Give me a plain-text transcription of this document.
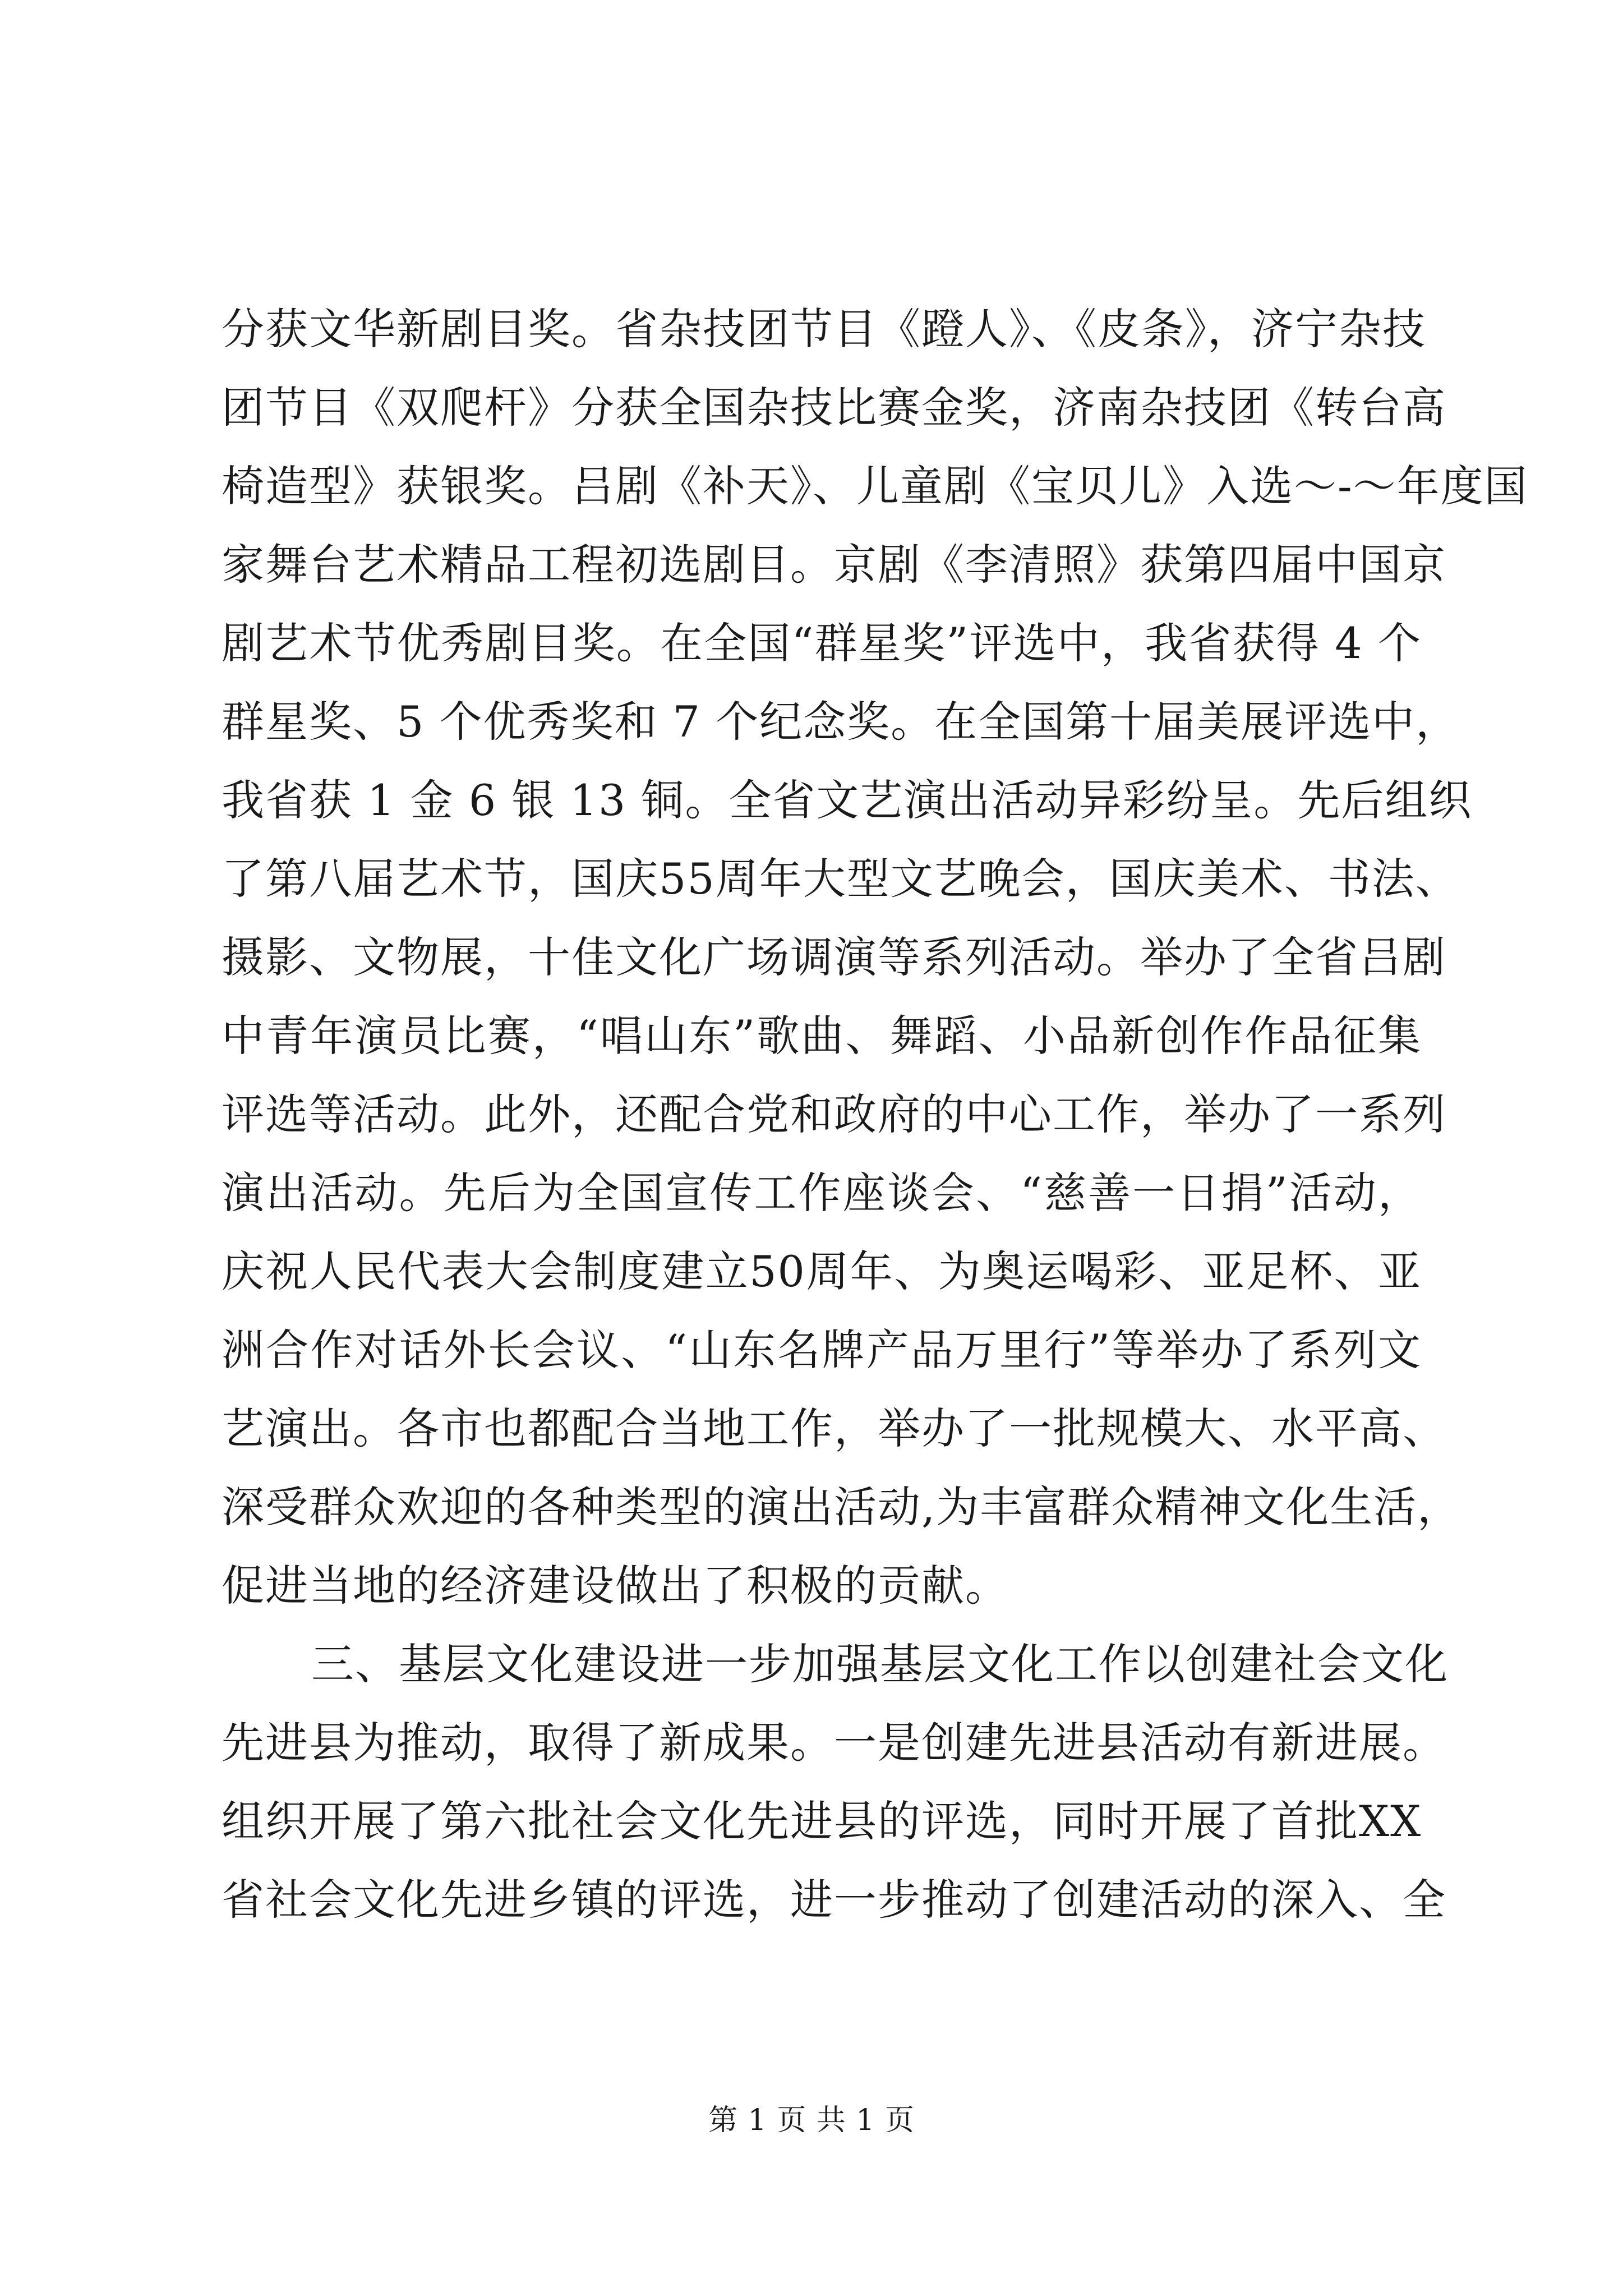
分获文华新剧目奖。省杂技团节目《蹬人》、《皮条》，济宁杂技
团节目《双爬杆》分获全国杂技比赛金奖，济南杂技团《转台高
椅造型》获银奖。吕剧《补天》、儿童剧《宝贝儿》入选～-～年度国
家舞台艺术精品工程初选剧目。京剧《李清照》获第四届中国京
剧艺术节优秀剧目奖。在全国“群星奖”评选中，我省获得 4 个
群星奖、5 个优秀奖和 7 个纪念奖。在全国第十届美展评选中，
我省获 1 金 6 银 13 铜。全省文艺演出活动异彩纷呈。先后组织
了第八届艺术节，国庆55周年大型文艺晚会，国庆美术、书法、
摄影、文物展，十佳文化广场调演等系列活动。举办了全省吕剧
中青年演员比赛，“唱山东”歌曲、舞蹈、小品新创作作品征集
评选等活动。此外，还配合党和政府的中心工作，举办了一系列
演出活动。先后为全国宣传工作座谈会、“慈善一日捐”活动，
庆祝人民代表大会制度建立50周年、为奥运喝彩、亚足杯、亚
洲合作对话外长会议、“山东名牌产品万里行”等举办了系列文
艺演出。各市也都配合当地工作，举办了一批规模大、水平高、
深受群众欢迎的各种类型的演出活动,为丰富群众精神文化生活，
促进当地的经济建设做出了积极的贡献。
三、基层文化建设进一步加强基层文化工作以创建社会文化
先进县为推动，取得了新成果。一是创建先进县活动有新进展。
组织开展了第六批社会文化先进县的评选，同时开展了首批XX
省社会文化先进乡镇的评选，进一步推动了创建活动的深入、全
第 1 页 共 1 页
